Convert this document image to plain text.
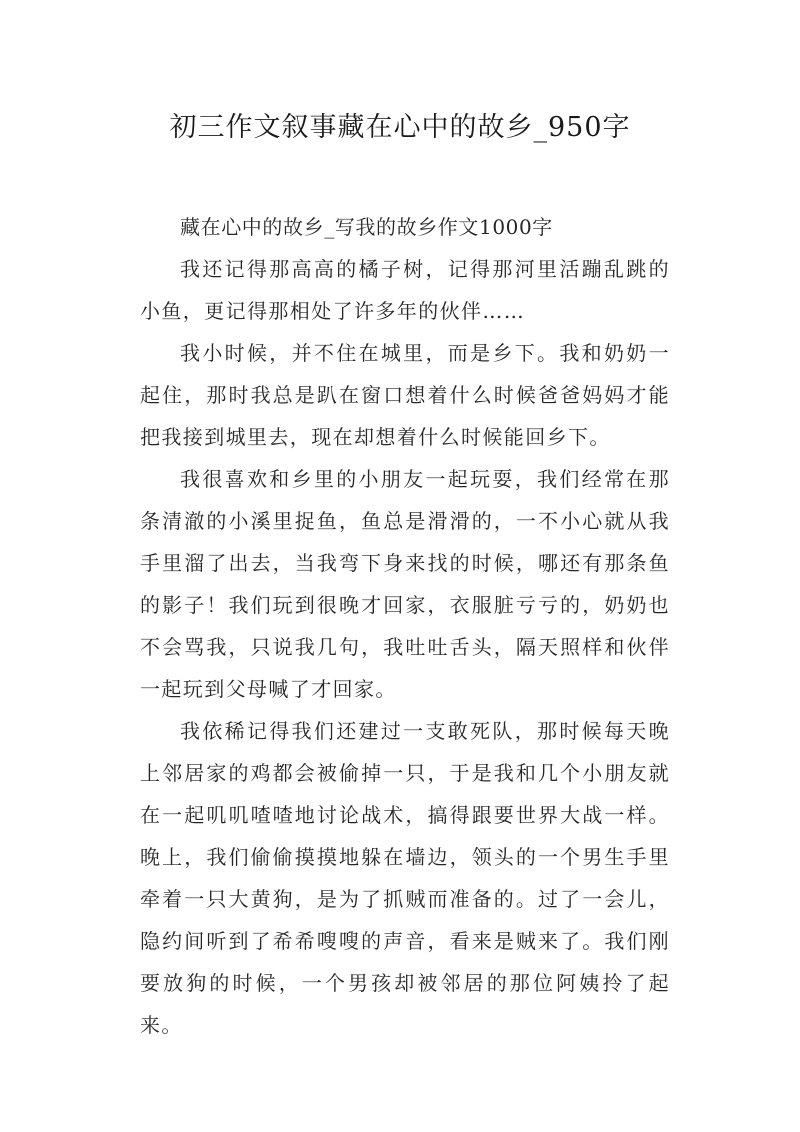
初三作文叙事藏在心中的故乡_950字

藏在心中的故乡_写我的故乡作文1000字

我还记得那高高的橘子树，记得那河里活蹦乱跳的小鱼，更记得那相处了许多年的伙伴……

我小时候，并不住在城里，而是乡下。我和奶奶一起住，那时我总是趴在窗口想着什么时候爸爸妈妈才能把我接到城里去，现在却想着什么时候能回乡下。

我很喜欢和乡里的小朋友一起玩耍，我们经常在那条清澈的小溪里捉鱼，鱼总是滑滑的，一不小心就从我手里溜了出去，当我弯下身来找的时候，哪还有那条鱼的影子！我们玩到很晚才回家，衣服脏亏亏的，奶奶也不会骂我，只说我几句，我吐吐舌头，隔天照样和伙伴一起玩到父母喊了才回家。

我依稀记得我们还建过一支敢死队，那时候每天晚上邻居家的鸡都会被偷掉一只，于是我和几个小朋友就在一起叽叽喳喳地讨论战术，搞得跟要世界大战一样。晚上，我们偷偷摸摸地躲在墙边，领头的一个男生手里牵着一只大黄狗，是为了抓贼而准备的。过了一会儿，隐约间听到了希希嗖嗖的声音，看来是贼来了。我们刚要放狗的时候，一个男孩却被邻居的那位阿姨拎了起来。
